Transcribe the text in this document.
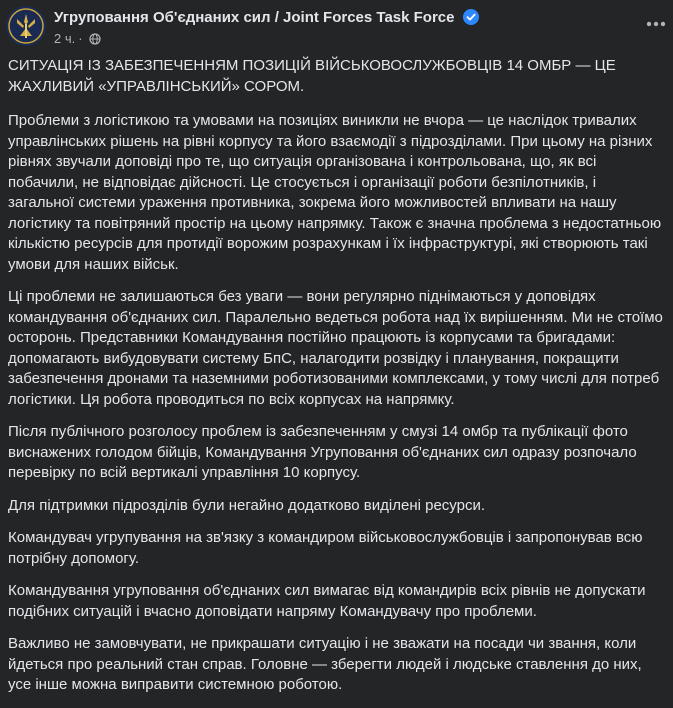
Угруповання Об'єднаних сил / Joint Forces Task Force
2 ч. ·

СИТУАЦІЯ ІЗ ЗАБЕЗПЕЧЕННЯМ ПОЗИЦІЙ ВІЙСЬКОВОСЛУЖБОВЦІВ 14 ОМБР — ЦЕ ЖАХЛИВИЙ «УПРАВЛІНСЬКИЙ» СОРОМ.

Проблеми з логістикою та умовами на позиціях виникли не вчора — це наслідок тривалих управлінських рішень на рівні корпусу та його взаємодії з підрозділами. При цьому на різних рівнях звучали доповіді про те, що ситуація організована і контрольована, що, як всі побачили, не відповідає дійсності. Це стосується і організації роботи безпілотників, і загальної системи ураження противника, зокрема його можливостей впливати на нашу логістику та повітряний простір на цьому напрямку. Також є значна проблема з недостатньою кількістю ресурсів для протидії ворожим розрахункам і їх інфраструктурі, які створюють такі умови для наших військ.

Ці проблеми не залишаються без уваги — вони регулярно піднімаються у доповідях командування об'єднаних сил. Паралельно ведеться робота над їх вирішенням. Ми не стоїмо осторонь. Представники Командування постійно працюють із корпусами та бригадами: допомагають вибудовувати систему БпС, налагодити розвідку і планування, покращити забезпечення дронами та наземними роботизованими комплексами, у тому числі для потреб логістики. Ця робота проводиться по всіх корпусах на напрямку.

Після публічного розголосу проблем із забезпеченням у смузі 14 омбр та публікації фото виснажених голодом бійців, Командування Угруповання об'єднаних сил одразу розпочало перевірку по всій вертикалі управління 10 корпусу.

Для підтримки підрозділів були негайно додатково виділені ресурси.

Командувач угрупування на зв'язку з командиром військовослужбовців і запропонував всю потрібну допомогу.

Командування угруповання об'єднаних сил вимагає від командирів всіх рівнів не допускати подібних ситуацій і вчасно доповідати напряму Командувачу про проблеми.

Важливо не замовчувати, не прикрашати ситуацію і не зважати на посади чи звання, коли йдеться про реальний стан справ. Головне — зберегти людей і людське ставлення до них, усе інше можна виправити системною роботою.
